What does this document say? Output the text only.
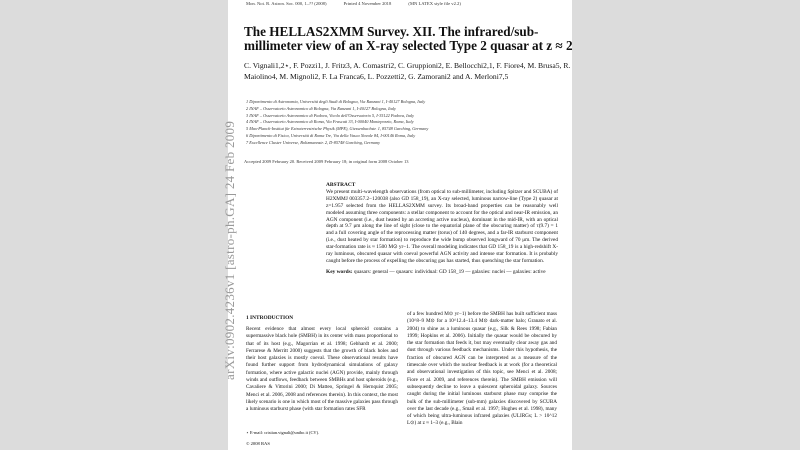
arXiv:0902.4236v1 [astro-ph.GA] 24 Feb 2009
Mon. Not. R. Astron. Soc. 000, 1–?? (2008)	Printed 4 November 2018	(MN LATEX style file v2.2)
The HELLAS2XMM Survey. XII. The infrared/sub-millimeter view of an X-ray selected Type 2 quasar at z ≈ 2
C. Vignali1,2⋆, F. Pozzi1, J. Fritz3, A. Comastri2, C. Gruppioni2, E. Bellocchi2,1, F. Fiore4, M. Brusa5, R. Maiolino4, M. Mignoli2, F. La Franca6, L. Pozzetti2, G. Zamorani2 and A. Merloni7,5
1 Dipartimento di Astronomia, Università degli Studi di Bologna, Via Ranzani 1, I-40127 Bologna, Italy
2 INAF – Osservatorio Astronomico di Bologna, Via Ranzani 1, I-40127 Bologna, Italy
3 INAF – Osservatorio Astronomico di Padova, Vicolo dell'Osservatorio 5, I-35122 Padova, Italy
4 INAF – Osservatorio Astronomico di Roma, Via Frascati 33, I-00040 Monteporzio, Roma, Italy
5 Max-Planck-Institut für Extraterrestrische Physik (MPE), Giessenbachstr. 1, 85748 Garching, Germany
6 Dipartimento di Fisica, Università di Roma Tre, Via della Vasca Navale 84, I-00146 Roma, Italy
7 Excellence Cluster Universe, Boltzmannstr. 2, D-85748 Garching, Germany
Accepted 2009 February 20. Received 2009 February 18; in original form 2008 October 13
ABSTRACT
We present multi-wavelength observations (from optical to sub-millimeter, including Spitzer and SCUBA) of H2XMMJ 003357.2−120038 (also GD 158_19), an X-ray selected, luminous narrow-line (Type 2) quasar at z=1.957 selected from the HELLAS2XMM survey. Its broad-band properties can be reasonably well modeled assuming three components: a stellar component to account for the optical and near-IR emission, an AGN component (i.e., dust heated by an accreting active nucleus), dominant in the mid-IR, with an optical depth at 9.7 μm along the line of sight (close to the equatorial plane of the obscuring matter) of τ(9.7) = 1 and a full covering angle of the reprocessing matter (torus) of 140 degrees, and a far-IR starburst component (i.e., dust heated by star formation) to reproduce the wide bump observed longward of 70 μm. The derived star-formation rate is ≈ 1500 M⊙ yr−1. The overall modeling indicates that GD 158_19 is a high-redshift X-ray luminous, obscured quasar with coeval powerful AGN activity and intense star formation. It is probably caught before the process of expelling the obscuring gas has started, thus quenching the star formation.
Key words: quasars: general — quasars: individual: GD 158_19 — galaxies: nuclei — galaxies: active
1 INTRODUCTION
Recent evidence that almost every local spheroid contains a supermassive black hole (SMBH) in its center with mass proportional to that of its host (e.g., Magorrian et al. 1998; Gebhardt et al. 2000; Ferrarese & Merritt 2000) suggests that the growth of black holes and their host galaxies is mostly coeval. These observational results have found further support from hydrodynamical simulations of galaxy formation, where active galactic nuclei (AGN) provide, mainly through winds and outflows, feedback between SMBHs and host spheroids (e.g., Cavaliere & Vittorini 2000; Di Matteo, Springel & Hernquist 2005; Menci et al. 2006, 2008 and references therein). In this context, the most likely scenario is one in which most of the massive galaxies pass through a luminous starburst phase (with star formation rates SFR
of a few hundred M⊙ yr−1) before the SMBH has built sufficient mass (10^8–9 M⊙ for a 10^12.4–13.4 M⊙ dark-matter halo; Granato et al. 2004) to shine as a luminous quasar (e.g., Silk & Rees 1998; Fabian 1999; Hopkins et al. 2006). Initially the quasar would be obscured by the star formation that feeds it, but may eventually clear away gas and dust through various feedback mechanisms. Under this hypothesis, the fraction of obscured AGN can be interpreted as a measure of the timescale over which the nuclear feedback is at work (for a theoretical and observational investigation of this topic, see Menci et al. 2008; Fiore et al. 2009, and references therein). The SMBH emission will subsequently decline to leave a quiescent spheroidal galaxy. Sources caught during the initial luminous starburst phase may comprise the bulk of the sub-millimeter (sub-mm) galaxies discovered by SCUBA over the last decade (e.g., Smail et al. 1997; Hughes et al. 1998), many of which being ultra-luminous infrared galaxies (ULIRGs; L > 10^12 L⊙) at z ≈ 1–3 (e.g., Blain
⋆ E-mail: cristian.vignali@unibo.it (CV).
© 2008 RAS
